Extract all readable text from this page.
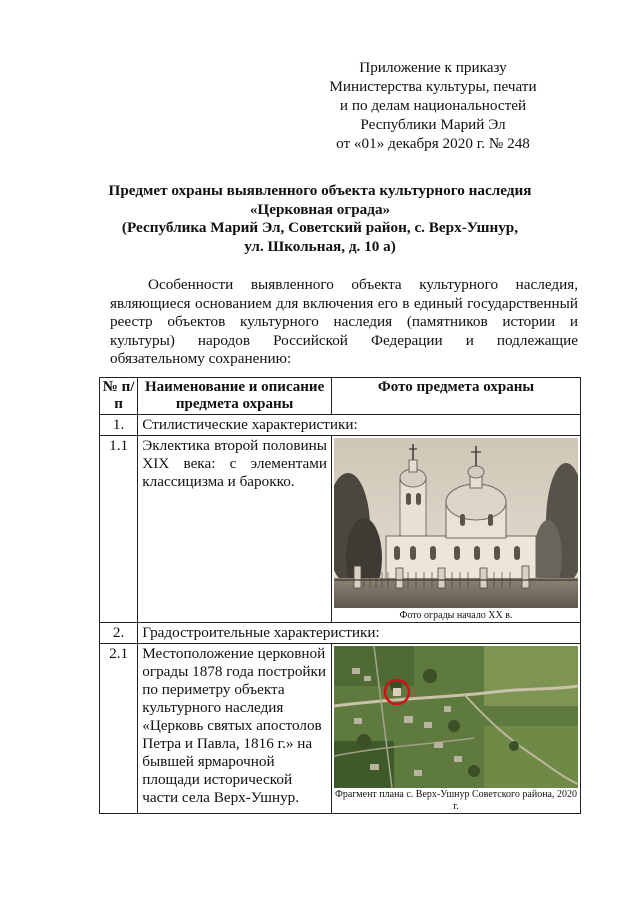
Приложение к приказу
Министерства культуры, печати
и по делам национальностей
Республики Марий Эл
от «01» декабря 2020 г. № 248
Предмет охраны выявленного объекта культурного наследия
«Церковная ограда»
(Республика Марий Эл, Советский район, с. Верх-Ушнур,
ул. Школьная, д. 10 а)
Особенности выявленного объекта культурного наследия, являющиеся основанием для включения его в единый государственный реестр объектов культурного наследия (памятников истории и культуры) народов Российской Федерации и подлежащие обязательному сохранению:
№ п/п	Наименование и описание предмета охраны	Фото предмета охраны
1.	Стилистические характеристики:	
1.1	Эклектика второй половины XIX века: с элементами классицизма и барокко.	Фото ограды начало XX в.

2.	Градостроительные характеристики:	
2.1	Местоположение церковной ограды 1878 года постройки по периметру объекта культурного наследия «Церковь святых апостолов Петра и Павла, 1816 г.» на бывшей ярмарочной площади исторической части села Верх-Ушнур.	Фрагмент плана с. Верх-Ушнур Советского района, 2020 г.
